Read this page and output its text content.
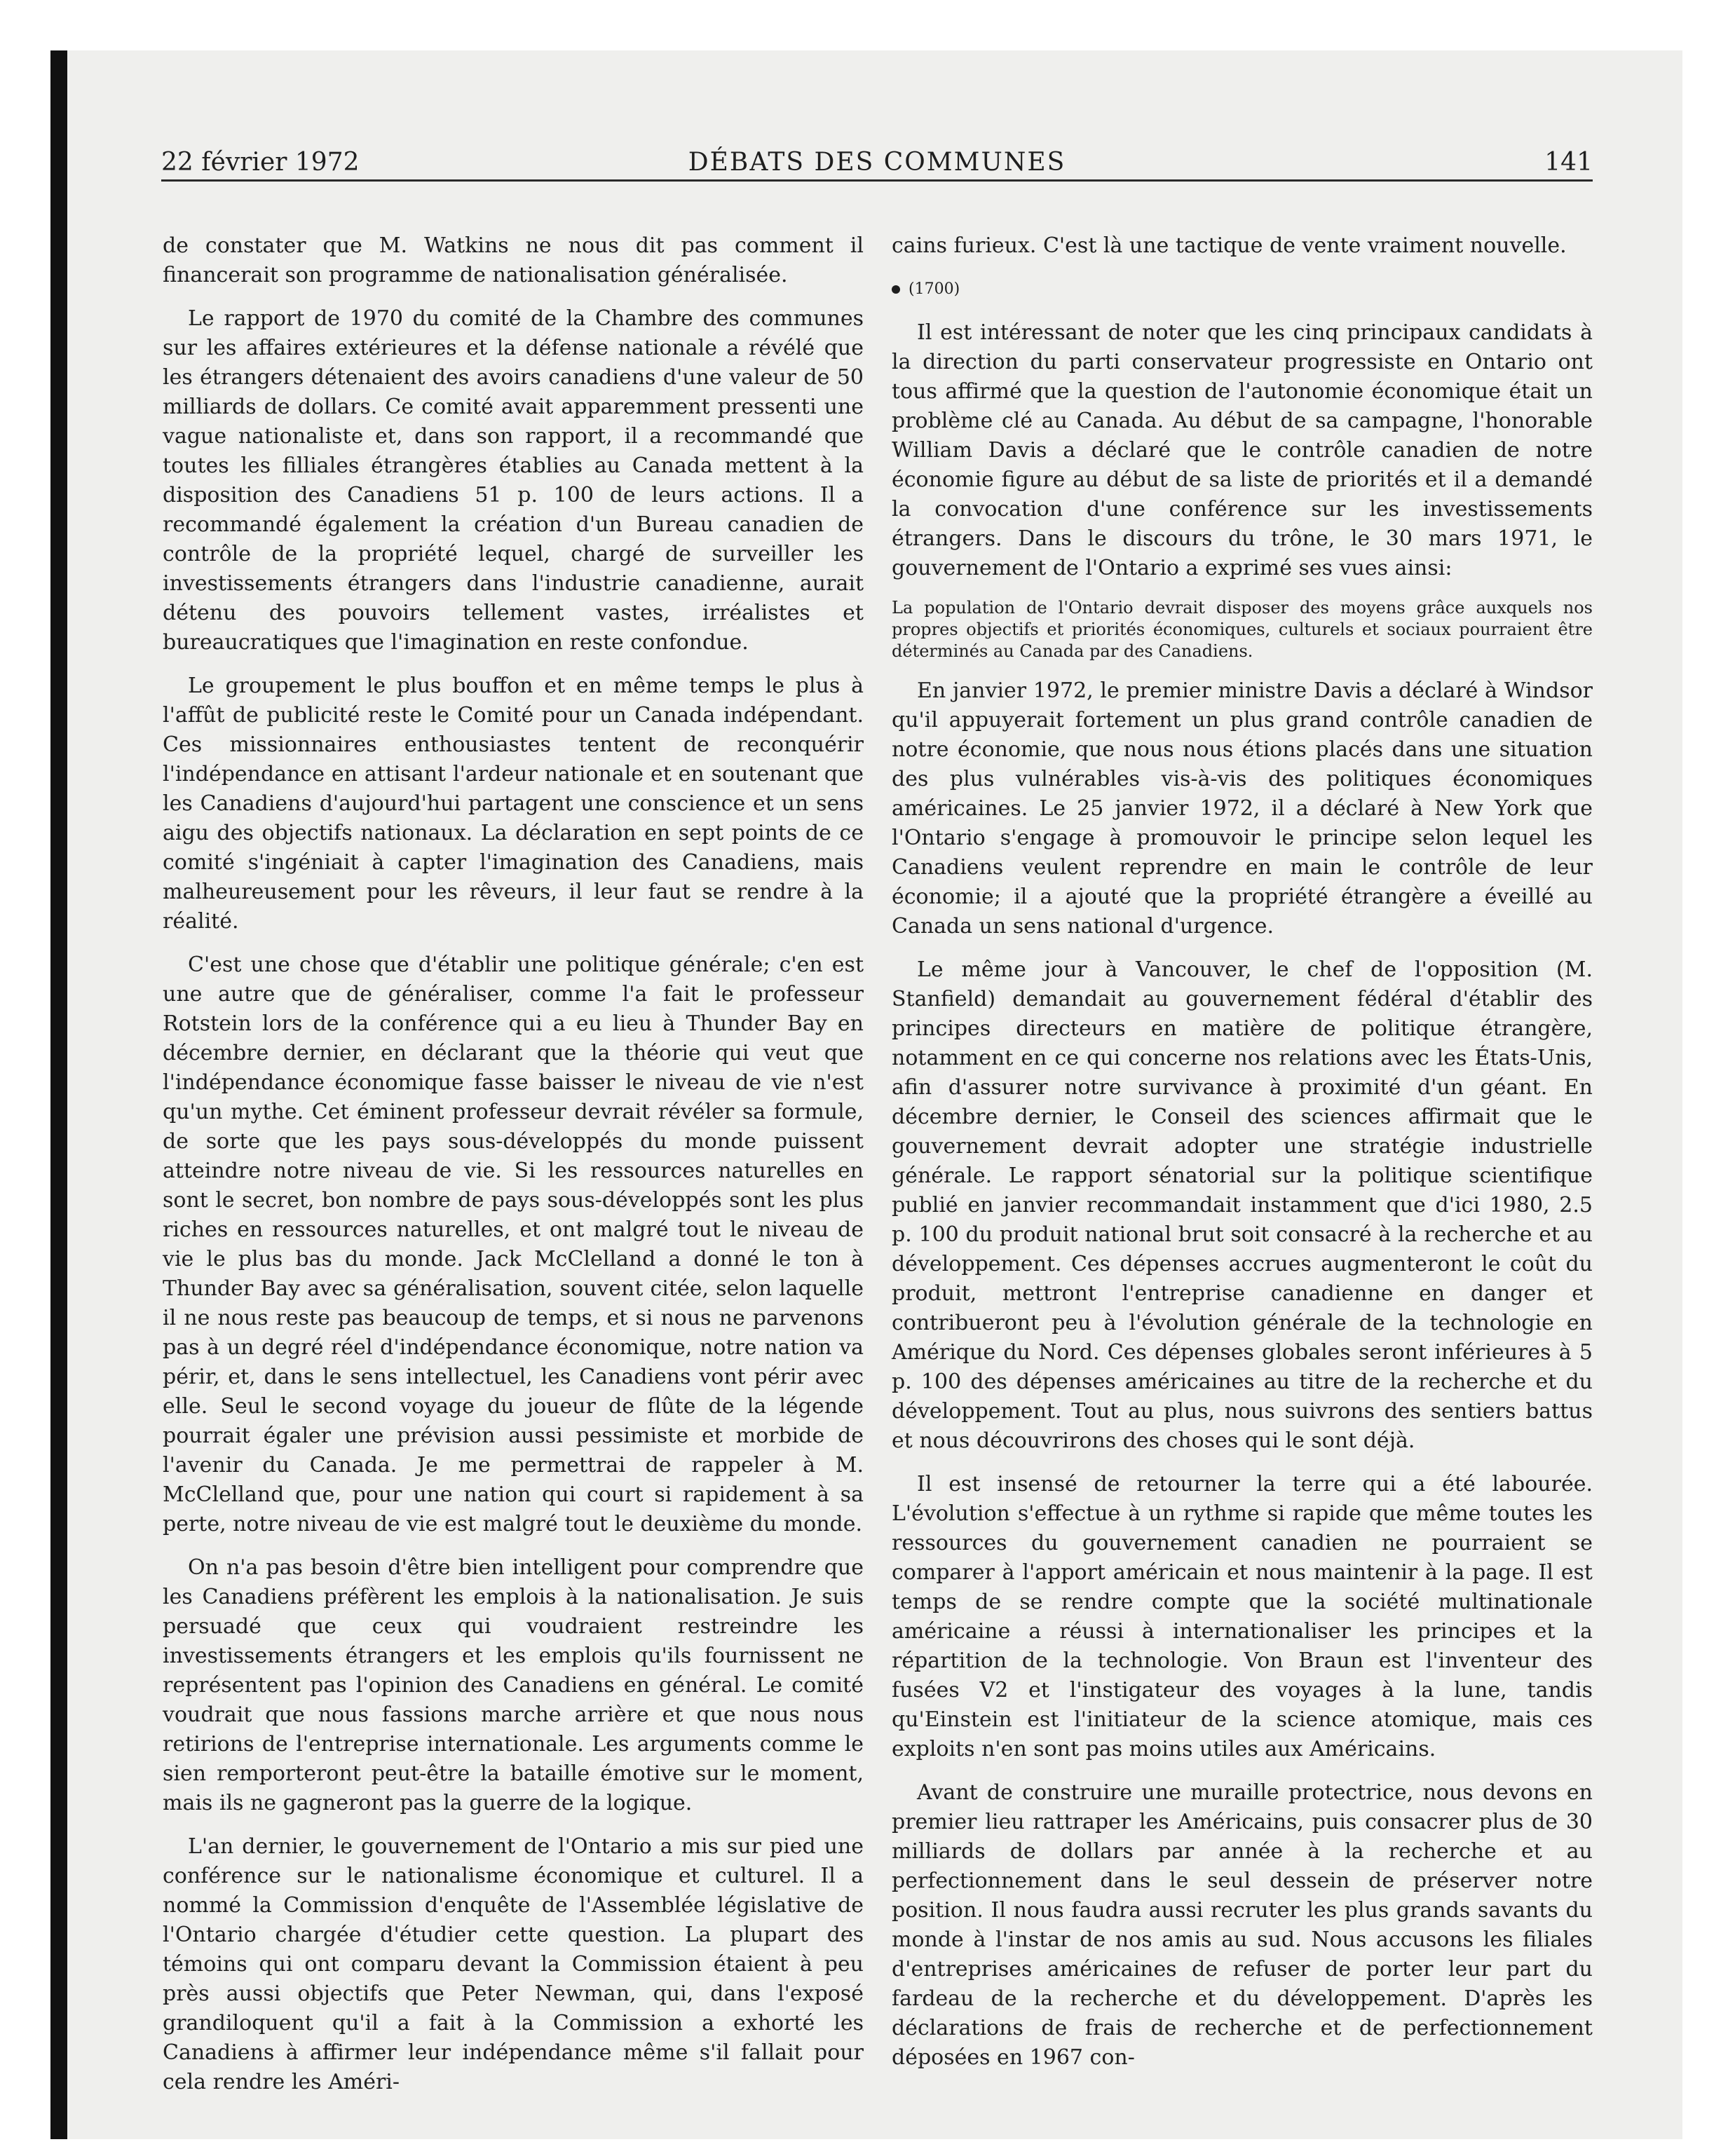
22 février 1972	DÉBATS DES COMMUNES	141

de constater que M. Watkins ne nous dit pas comment il financerait son programme de nationalisation généralisée.

Le rapport de 1970 du comité de la Chambre des communes sur les affaires extérieures et la défense nationale a révélé que les étrangers détenaient des avoirs canadiens d'une valeur de 50 milliards de dollars. Ce comité avait apparemment pressenti une vague nationaliste et, dans son rapport, il a recommandé que toutes les filliales étrangères établies au Canada mettent à la disposition des Canadiens 51 p. 100 de leurs actions. Il a recommandé également la création d'un Bureau canadien de contrôle de la propriété lequel, chargé de surveiller les investissements étrangers dans l'industrie canadienne, aurait détenu des pouvoirs tellement vastes, irréalistes et bureaucratiques que l'imagination en reste confondue.

Le groupement le plus bouffon et en même temps le plus à l'affût de publicité reste le Comité pour un Canada indépendant. Ces missionnaires enthousiastes tentent de reconquérir l'indépendance en attisant l'ardeur nationale et en soutenant que les Canadiens d'aujourd'hui partagent une conscience et un sens aigu des objectifs nationaux. La déclaration en sept points de ce comité s'ingéniait à capter l'imagination des Canadiens, mais malheureusement pour les rêveurs, il leur faut se rendre à la réalité.

C'est une chose que d'établir une politique générale; c'en est une autre que de généraliser, comme l'a fait le professeur Rotstein lors de la conférence qui a eu lieu à Thunder Bay en décembre dernier, en déclarant que la théorie qui veut que l'indépendance économique fasse baisser le niveau de vie n'est qu'un mythe. Cet éminent professeur devrait révéler sa formule, de sorte que les pays sous-développés du monde puissent atteindre notre niveau de vie. Si les ressources naturelles en sont le secret, bon nombre de pays sous-développés sont les plus riches en ressources naturelles, et ont malgré tout le niveau de vie le plus bas du monde. Jack McClelland a donné le ton à Thunder Bay avec sa généralisation, souvent citée, selon laquelle il ne nous reste pas beaucoup de temps, et si nous ne parvenons pas à un degré réel d'indépendance économique, notre nation va périr, et, dans le sens intellectuel, les Canadiens vont périr avec elle. Seul le second voyage du joueur de flûte de la légende pourrait égaler une prévision aussi pessimiste et morbide de l'avenir du Canada. Je me permettrai de rappeler à M. McClelland que, pour une nation qui court si rapidement à sa perte, notre niveau de vie est malgré tout le deuxième du monde.

On n'a pas besoin d'être bien intelligent pour comprendre que les Canadiens préfèrent les emplois à la nationalisation. Je suis persuadé que ceux qui voudraient restreindre les investissements étrangers et les emplois qu'ils fournissent ne représentent pas l'opinion des Canadiens en général. Le comité voudrait que nous fassions marche arrière et que nous nous retirions de l'entreprise internationale. Les arguments comme le sien remporteront peut-être la bataille émotive sur le moment, mais ils ne gagneront pas la guerre de la logique.

L'an dernier, le gouvernement de l'Ontario a mis sur pied une conférence sur le nationalisme économique et culturel. Il a nommé la Commission d'enquête de l'Assemblée législative de l'Ontario chargée d'étudier cette question. La plupart des témoins qui ont comparu devant la Commission étaient à peu près aussi objectifs que Peter Newman, qui, dans l'exposé grandiloquent qu'il a fait à la Commission a exhorté les Canadiens à affirmer leur indépendance même s'il fallait pour cela rendre les Améri-

cains furieux. C'est là une tactique de vente vraiment nouvelle.

(1700)

Il est intéressant de noter que les cinq principaux candidats à la direction du parti conservateur progressiste en Ontario ont tous affirmé que la question de l'autonomie économique était un problème clé au Canada. Au début de sa campagne, l'honorable William Davis a déclaré que le contrôle canadien de notre économie figure au début de sa liste de priorités et il a demandé la convocation d'une conférence sur les investissements étrangers. Dans le discours du trône, le 30 mars 1971, le gouvernement de l'Ontario a exprimé ses vues ainsi:

La population de l'Ontario devrait disposer des moyens grâce auxquels nos propres objectifs et priorités économiques, culturels et sociaux pourraient être déterminés au Canada par des Canadiens.

En janvier 1972, le premier ministre Davis a déclaré à Windsor qu'il appuyerait fortement un plus grand contrôle canadien de notre économie, que nous nous étions placés dans une situation des plus vulnérables vis-à-vis des politiques économiques américaines. Le 25 janvier 1972, il a déclaré à New York que l'Ontario s'engage à promouvoir le principe selon lequel les Canadiens veulent reprendre en main le contrôle de leur économie; il a ajouté que la propriété étrangère a éveillé au Canada un sens national d'urgence.

Le même jour à Vancouver, le chef de l'opposition (M. Stanfield) demandait au gouvernement fédéral d'établir des principes directeurs en matière de politique étrangère, notamment en ce qui concerne nos relations avec les États-Unis, afin d'assurer notre survivance à proximité d'un géant. En décembre dernier, le Conseil des sciences affirmait que le gouvernement devrait adopter une stratégie industrielle générale. Le rapport sénatorial sur la politique scientifique publié en janvier recommandait instamment que d'ici 1980, 2.5 p. 100 du produit national brut soit consacré à la recherche et au développement. Ces dépenses accrues augmenteront le coût du produit, mettront l'entreprise canadienne en danger et contribueront peu à l'évolution générale de la technologie en Amérique du Nord. Ces dépenses globales seront inférieures à 5 p. 100 des dépenses américaines au titre de la recherche et du développement. Tout au plus, nous suivrons des sentiers battus et nous découvrirons des choses qui le sont déjà.

Il est insensé de retourner la terre qui a été labourée. L'évolution s'effectue à un rythme si rapide que même toutes les ressources du gouvernement canadien ne pourraient se comparer à l'apport américain et nous maintenir à la page. Il est temps de se rendre compte que la société multinationale américaine a réussi à internationaliser les principes et la répartition de la technologie. Von Braun est l'inventeur des fusées V2 et l'instigateur des voyages à la lune, tandis qu'Einstein est l'initiateur de la science atomique, mais ces exploits n'en sont pas moins utiles aux Américains.

Avant de construire une muraille protectrice, nous devons en premier lieu rattraper les Américains, puis consacrer plus de 30 milliards de dollars par année à la recherche et au perfectionnement dans le seul dessein de préserver notre position. Il nous faudra aussi recruter les plus grands savants du monde à l'instar de nos amis au sud. Nous accusons les filiales d'entreprises américaines de refuser de porter leur part du fardeau de la recherche et du développement. D'après les déclarations de frais de recherche et de perfectionnement déposées en 1967 con-
